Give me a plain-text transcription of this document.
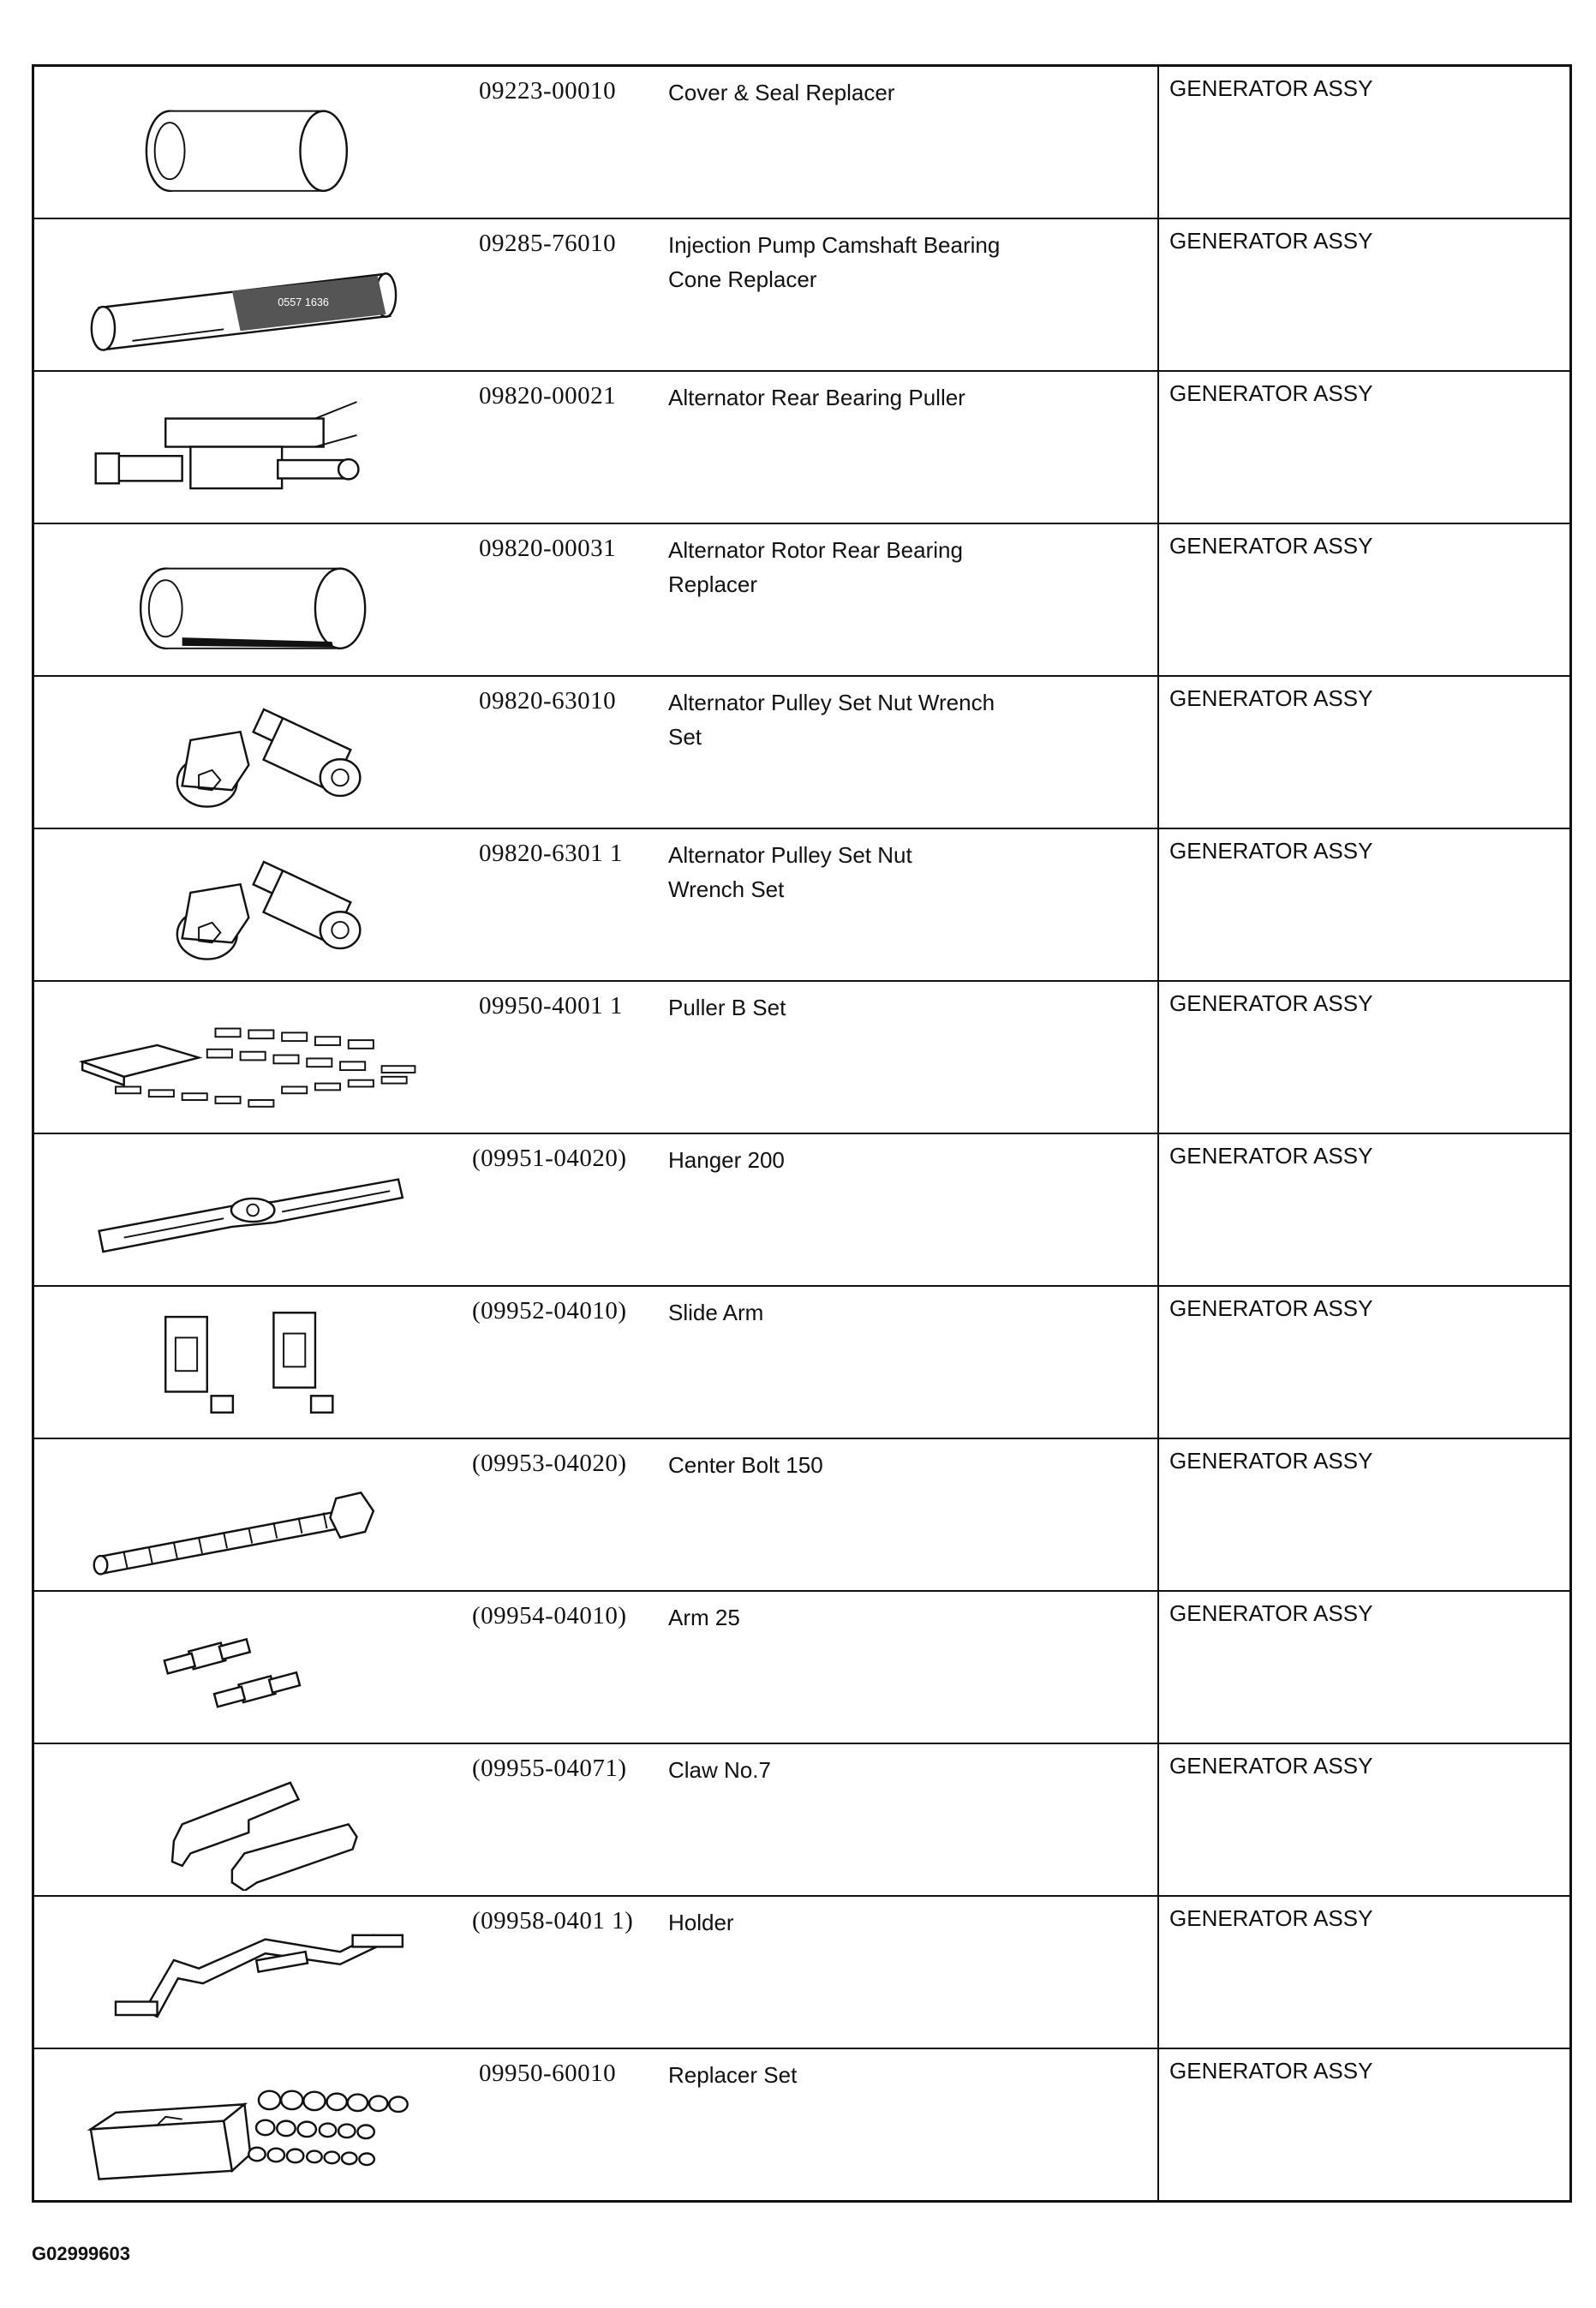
09223-00010	Cover & Seal Replacer	GENERATOR ASSY

0557 1636	09285-76010	Injection Pump Camshaft Bearing
Cone Replacer	GENERATOR ASSY

09820-00021	Alternator Rear Bearing Puller	GENERATOR ASSY

09820-00031	Alternator Rotor Rear Bearing
Replacer	GENERATOR ASSY

09820-63010	Alternator Pulley Set Nut Wrench
Set	GENERATOR ASSY

09820-6301 1	Alternator Pulley Set Nut
Wrench Set	GENERATOR ASSY

09950-4001 1	Puller B Set	GENERATOR ASSY

(09951-04020)	Hanger 200	GENERATOR ASSY

(09952-04010)	Slide Arm	GENERATOR ASSY

(09953-04020)	Center Bolt 150	GENERATOR ASSY

(09954-04010)	Arm 25	GENERATOR ASSY

(09955-04071)	Claw No.7	GENERATOR ASSY

(09958-0401 1)	Holder	GENERATOR ASSY

09950-60010	Replacer Set	GENERATOR ASSY
G02999603
